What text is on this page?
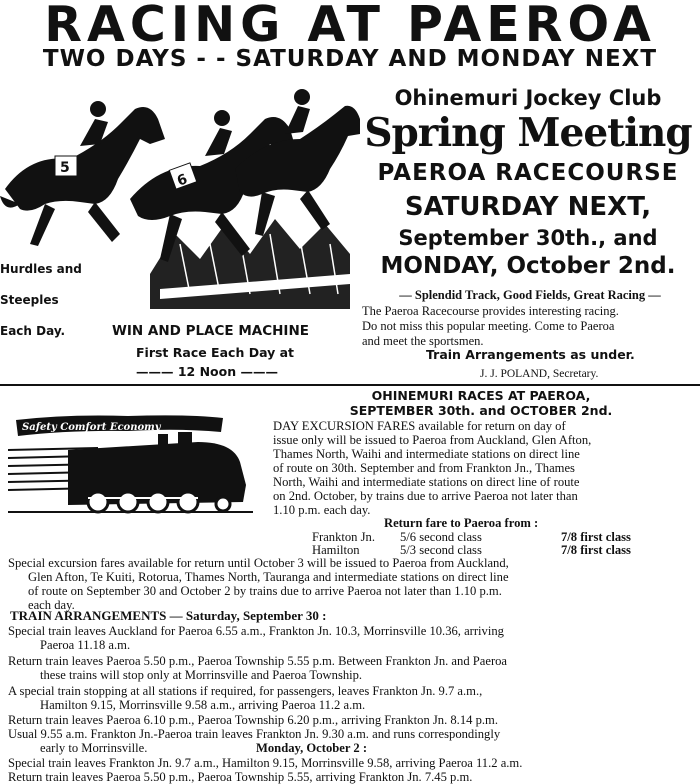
RACING AT PAEROA
TWO DAYS - - SATURDAY AND MONDAY NEXT
5
6
Ohinemuri Jockey Club
Spring Meeting
PAEROA RACECOURSE
SATURDAY NEXT,
September 30th., and
MONDAY, October 2nd.
— Splendid Track, Good Fields, Great Racing —
The Paeroa Racecourse provides interesting racing.
Do not miss this popular meeting. Come to Paeroa
and meet the sportsmen.
Train Arrangements as under.
J. J. POLAND, Secretary.
Hurdles and
Steeples
Each Day.	WIN AND PLACE MACHINE
First Race Each Day at
——— 12 Noon ———
Safety Comfort Economy
OHINEMURI RACES AT PAEROA,
SEPTEMBER 30th. and OCTOBER 2nd.
DAY EXCURSION FARES available for return on day of
issue only will be issued to Paeroa from Auckland, Glen Afton,
Thames North, Waihi and intermediate stations on direct line
of route on 30th. September and from Frankton Jn., Thames
North, Waihi and intermediate stations on direct line of route
on 2nd. October, by trains due to arrive Paeroa not later than
1.10 p.m. each day.
Return fare to Paeroa from :
Frankton Jn. 5/6 second class	7/8 first class
Hamilton	5/3 second class	7/8 first class
Special excursion fares available for return until October 3 will be issued to Paeroa from Auckland,
Glen Afton, Te Kuiti, Rotorua, Thames North, Tauranga and intermediate stations on direct line
of route on September 30 and October 2 by trains due to arrive Paeroa not later than 1.10 p.m.
each day.
TRAIN ARRANGEMENTS — Saturday, September 30 :
Special train leaves Auckland for Paeroa 6.55 a.m., Frankton Jn. 10.3, Morrinsville 10.36, arriving
Paeroa 11.18 a.m.
Return train leaves Paeroa 5.50 p.m., Paeroa Township 5.55 p.m. Between Frankton Jn. and Paeroa
these trains will stop only at Morrinsville and Paeroa Township.
A special train stopping at all stations if required, for passengers, leaves Frankton Jn. 9.7 a.m.,
Hamilton 9.15, Morrinsville 9.58 a.m., arriving Paeroa 11.2 a.m.
Return train leaves Paeroa 6.10 p.m., Paeroa Township 6.20 p.m., arriving Frankton Jn. 8.14 p.m.
Usual 9.55 a.m. Frankton Jn.-Paeroa train leaves Frankton Jn. 9.30 a.m. and runs correspondingly
early to Morrinsville.	Monday, October 2 :
Special train leaves Frankton Jn. 9.7 a.m., Hamilton 9.15, Morrinsville 9.58, arriving Paeroa 11.2 a.m.
Return train leaves Paeroa 5.50 p.m., Paeroa Township 5.55, arriving Frankton Jn. 7.45 p.m.
